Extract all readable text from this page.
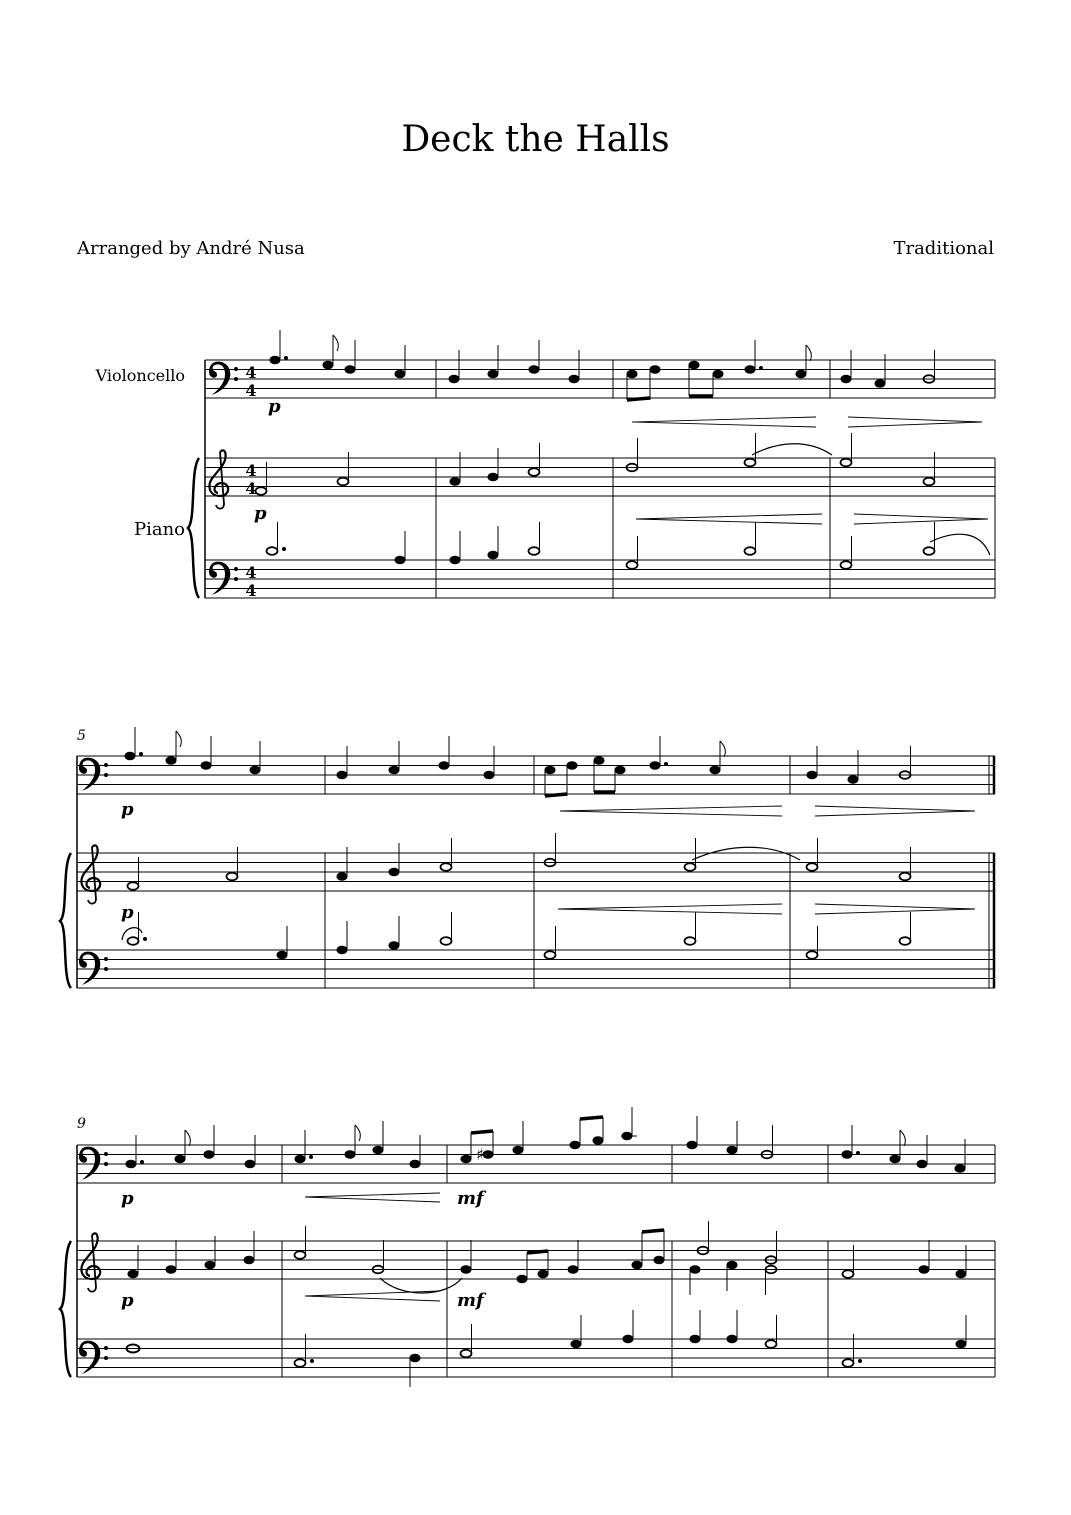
Deck the Halls
Arranged by André Nusa	Traditional
4
4
4
4
4
4
Violoncello
Piano
p
p
5
p
p
9
♯
p	mf
p	mf
